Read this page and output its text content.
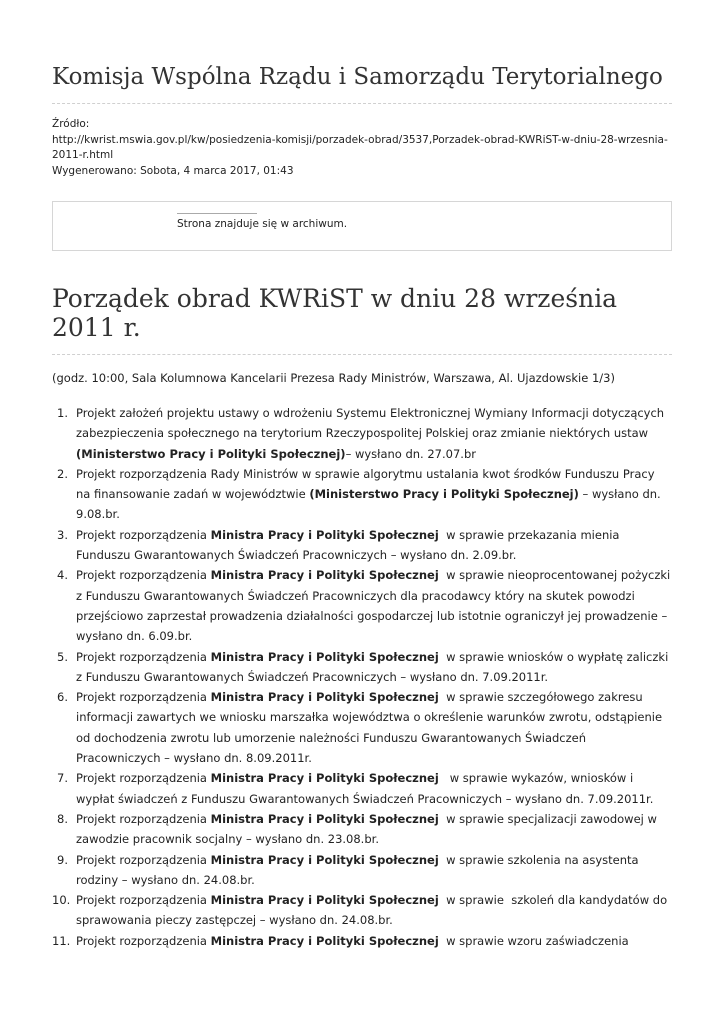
Komisja Wspólna Rządu i Samorządu Terytorialnego
Źródło:
http://kwrist.mswia.gov.pl/kw/posiedzenia-komisji/porzadek-obrad/3537,Porzadek-obrad-KWRiST-w-dniu-28-wrzesnia-2011-r.html
Wygenerowano: Sobota, 4 marca 2017, 01:43
Strona znajduje się w archiwum.
Porządek obrad KWRiST w dniu 28 września 2011 r.
(godz. 10:00, Sala Kolumnowa Kancelarii Prezesa Rady Ministrów, Warszawa, Al. Ujazdowskie 1/3)
1. Projekt założeń projektu ustawy o wdrożeniu Systemu Elektronicznej Wymiany Informacji dotyczących zabezpieczenia społecznego na terytorium Rzeczypospolitej Polskiej oraz zmianie niektórych ustaw (Ministerstwo Pracy i Polityki Społecznej)– wysłano dn. 27.07.br
2. Projekt rozporządzenia Rady Ministrów w sprawie algorytmu ustalania kwot środków Funduszu Pracy na finansowanie zadań w województwie (Ministerstwo Pracy i Polityki Społecznej) – wysłano dn. 9.08.br.
3. Projekt rozporządzenia Ministra Pracy i Polityki Społecznej  w sprawie przekazania mienia Funduszu Gwarantowanych Świadczeń Pracowniczych – wysłano dn. 2.09.br.
4. Projekt rozporządzenia Ministra Pracy i Polityki Społecznej  w sprawie nieoprocentowanej pożyczki z Funduszu Gwarantowanych Świadczeń Pracowniczych dla pracodawcy który na skutek powodzi przejściowo zaprzestał prowadzenia działalności gospodarczej lub istotnie ograniczył jej prowadzenie – wysłano dn. 6.09.br.
5. Projekt rozporządzenia Ministra Pracy i Polityki Społecznej  w sprawie wniosków o wypłatę zaliczki z Funduszu Gwarantowanych Świadczeń Pracowniczych – wysłano dn. 7.09.2011r.
6. Projekt rozporządzenia Ministra Pracy i Polityki Społecznej  w sprawie szczegółowego zakresu informacji zawartych we wniosku marszałka województwa o określenie warunków zwrotu, odstąpienie od dochodzenia zwrotu lub umorzenie należności Funduszu Gwarantowanych Świadczeń Pracowniczych – wysłano dn. 8.09.2011r.
7. Projekt rozporządzenia Ministra Pracy i Polityki Społecznej   w sprawie wykazów, wniosków i wypłat świadczeń z Funduszu Gwarantowanych Świadczeń Pracowniczych – wysłano dn. 7.09.2011r.
8. Projekt rozporządzenia Ministra Pracy i Polityki Społecznej  w sprawie specjalizacji zawodowej w zawodzie pracownik socjalny – wysłano dn. 23.08.br.
9. Projekt rozporządzenia Ministra Pracy i Polityki Społecznej  w sprawie szkolenia na asystenta rodziny – wysłano dn. 24.08.br.
10. Projekt rozporządzenia Ministra Pracy i Polityki Społecznej  w sprawie  szkoleń dla kandydatów do sprawowania pieczy zastępczej – wysłano dn. 24.08.br.
11. Projekt rozporządzenia Ministra Pracy i Polityki Społecznej  w sprawie wzoru zaświadczenia
